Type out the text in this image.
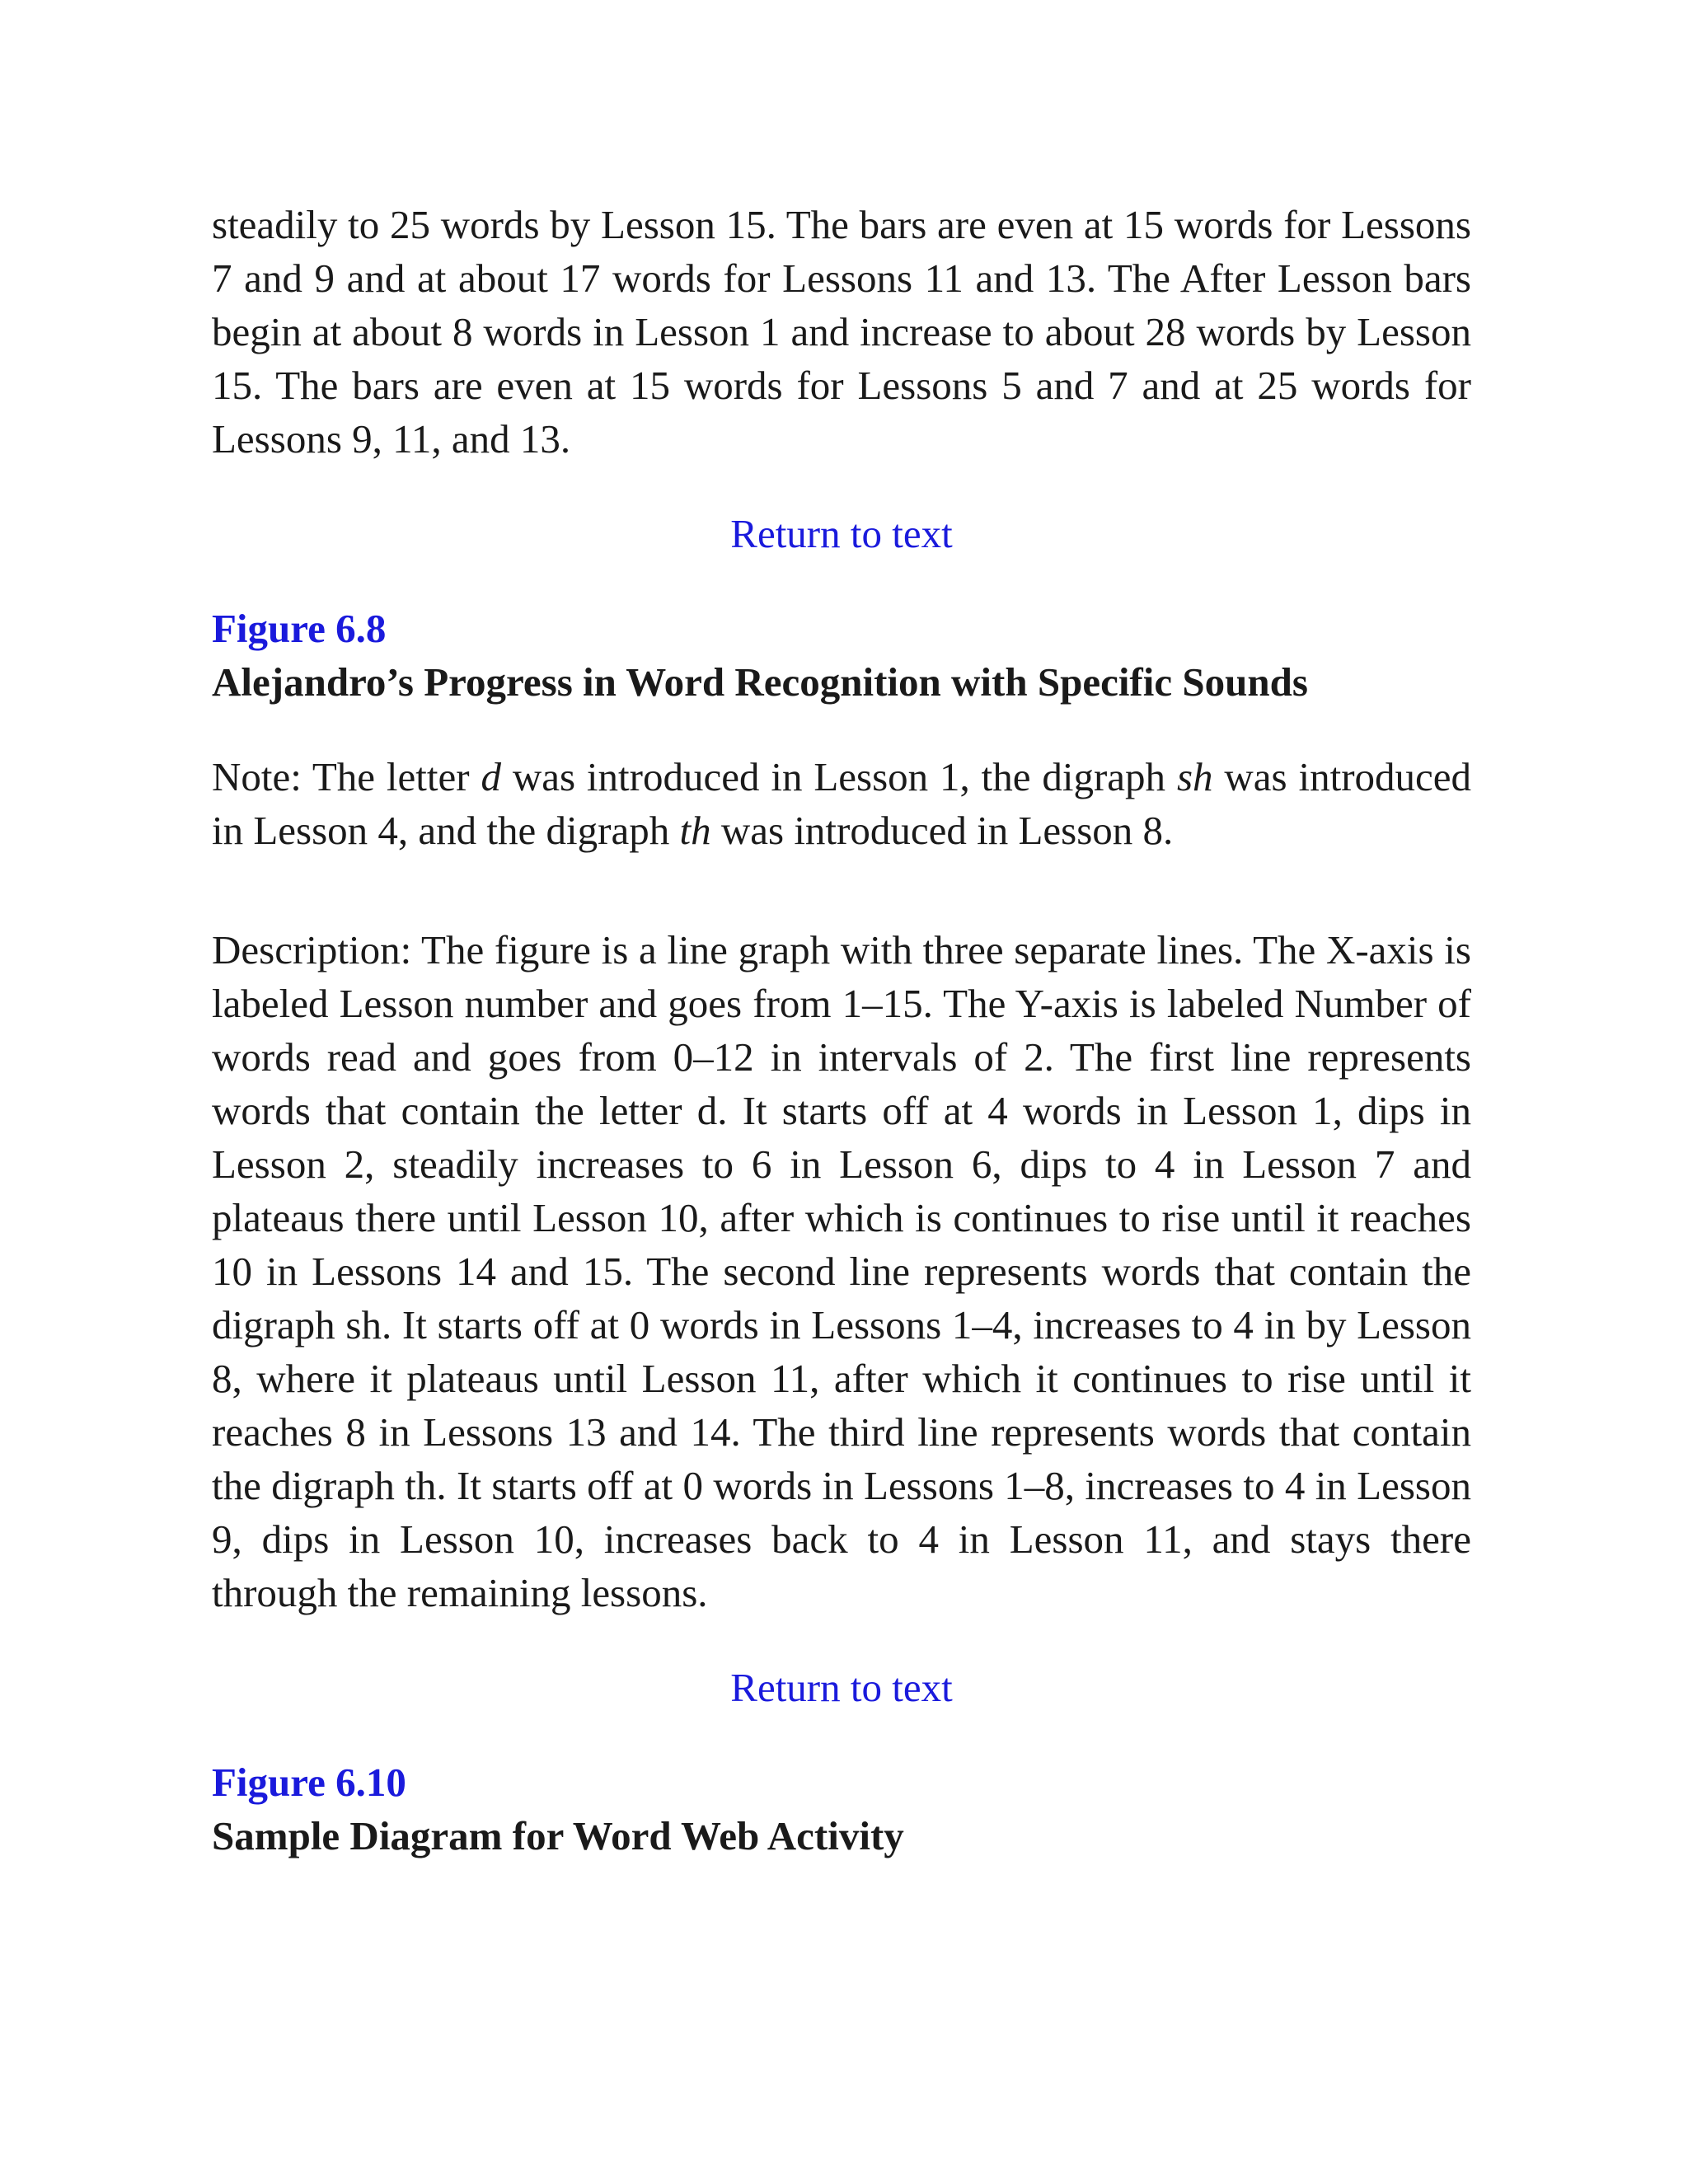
steadily to 25 words by Lesson 15. The bars are even at 15 words for Lessons 7 and 9 and at about 17 words for Lessons 11 and 13. The After Lesson bars begin at about 8 words in Lesson 1 and increase to about 28 words by Lesson 15. The bars are even at 15 words for Lessons 5 and 7 and at 25 words for Lessons 9, 11, and 13.

Return to text

Figure 6.8

Alejandro’s Progress in Word Recognition with Specific Sounds

Note: The letter d was introduced in Lesson 1, the digraph sh was introduced in Lesson 4, and the digraph th was introduced in Lesson 8.

Description: The figure is a line graph with three separate lines. The X-axis is labeled Lesson number and goes from 1–15. The Y-axis is labeled Number of words read and goes from 0–12 in intervals of 2. The first line represents words that contain the letter d. It starts off at 4 words in Lesson 1, dips in Lesson 2, steadily increases to 6 in Lesson 6, dips to 4 in Lesson 7 and plateaus there until Lesson 10, after which is continues to rise until it reaches 10 in Lessons 14 and 15. The second line represents words that contain the digraph sh. It starts off at 0 words in Lessons 1–4, increases to 4 in by Lesson 8, where it plateaus until Lesson 11, after which it continues to rise until it reaches 8 in Lessons 13 and 14. The third line represents words that contain the digraph th. It starts off at 0 words in Lessons 1–8, increases to 4 in Lesson 9, dips in Lesson 10, increases back to 4 in Lesson 11, and stays there through the remaining lessons.

Return to text

Figure 6.10

Sample Diagram for Word Web Activity
